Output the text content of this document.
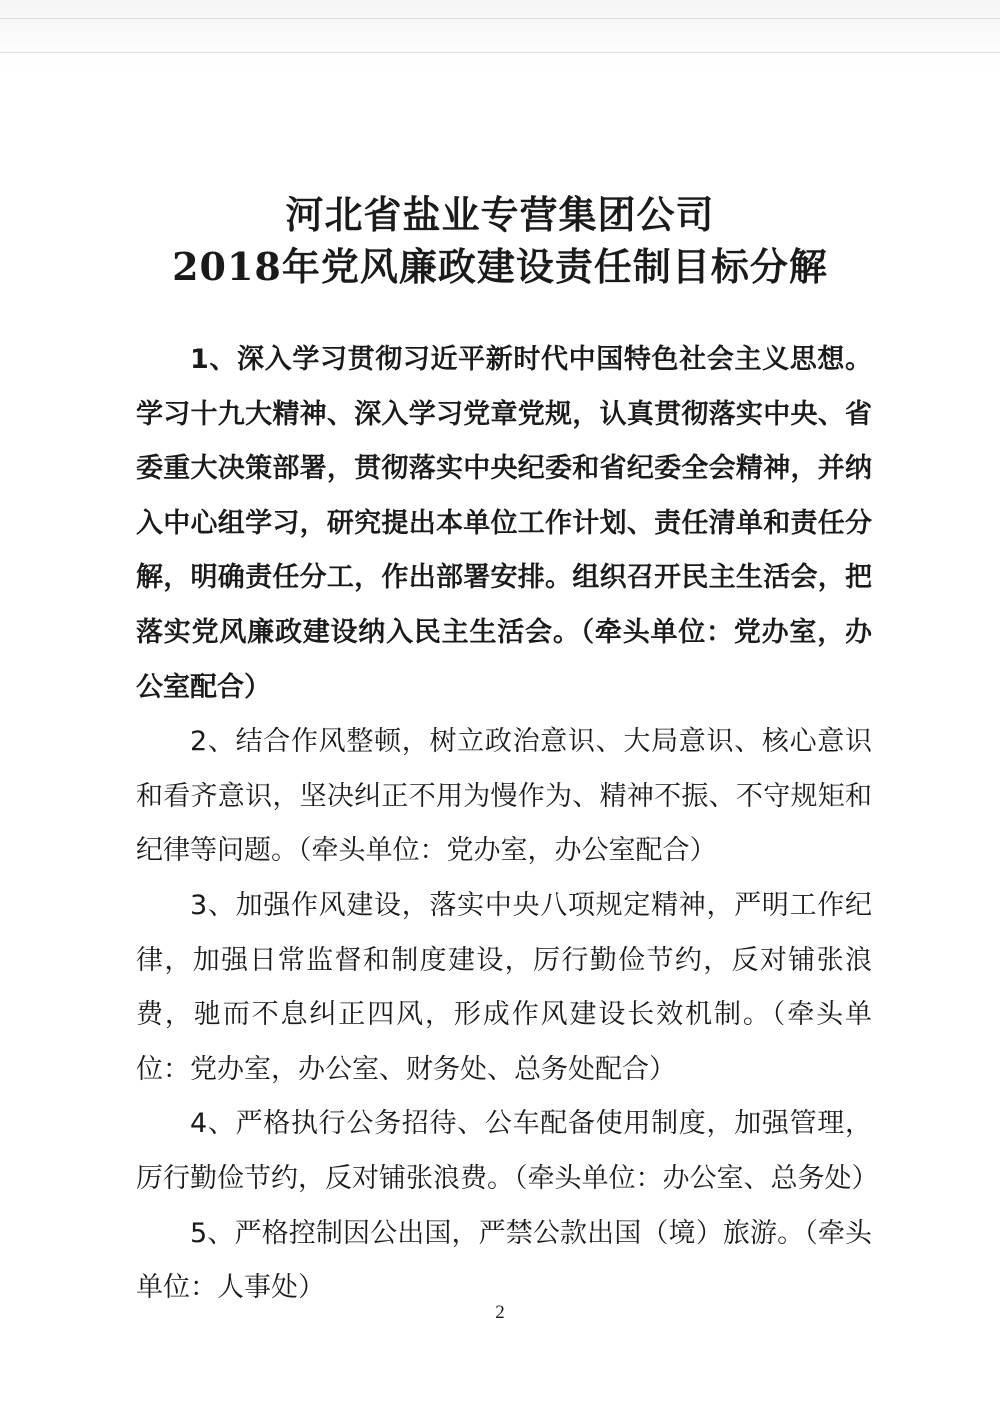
河北省盐业专营集团公司
2018年党风廉政建设责任制目标分解

1、深入学习贯彻习近平新时代中国特色社会主义思想。学习十九大精神、深入学习党章党规，认真贯彻落实中央、省委重大决策部署，贯彻落实中央纪委和省纪委全会精神，并纳入中心组学习，研究提出本单位工作计划、责任清单和责任分解，明确责任分工，作出部署安排。组织召开民主生活会，把落实党风廉政建设纳入民主生活会。（牵头单位：党办室，办公室配合）

2、结合作风整顿，树立政治意识、大局意识、核心意识和看齐意识，坚决纠正不用为慢作为、精神不振、不守规矩和纪律等问题。（牵头单位：党办室，办公室配合）

3、加强作风建设，落实中央八项规定精神，严明工作纪律，加强日常监督和制度建设，厉行勤俭节约，反对铺张浪费，驰而不息纠正四风，形成作风建设长效机制。（牵头单位：党办室，办公室、财务处、总务处配合）

4、严格执行公务招待、公车配备使用制度，加强管理，厉行勤俭节约，反对铺张浪费。（牵头单位：办公室、总务处）

5、严格控制因公出国，严禁公款出国（境）旅游。（牵头单位：人事处）

2
